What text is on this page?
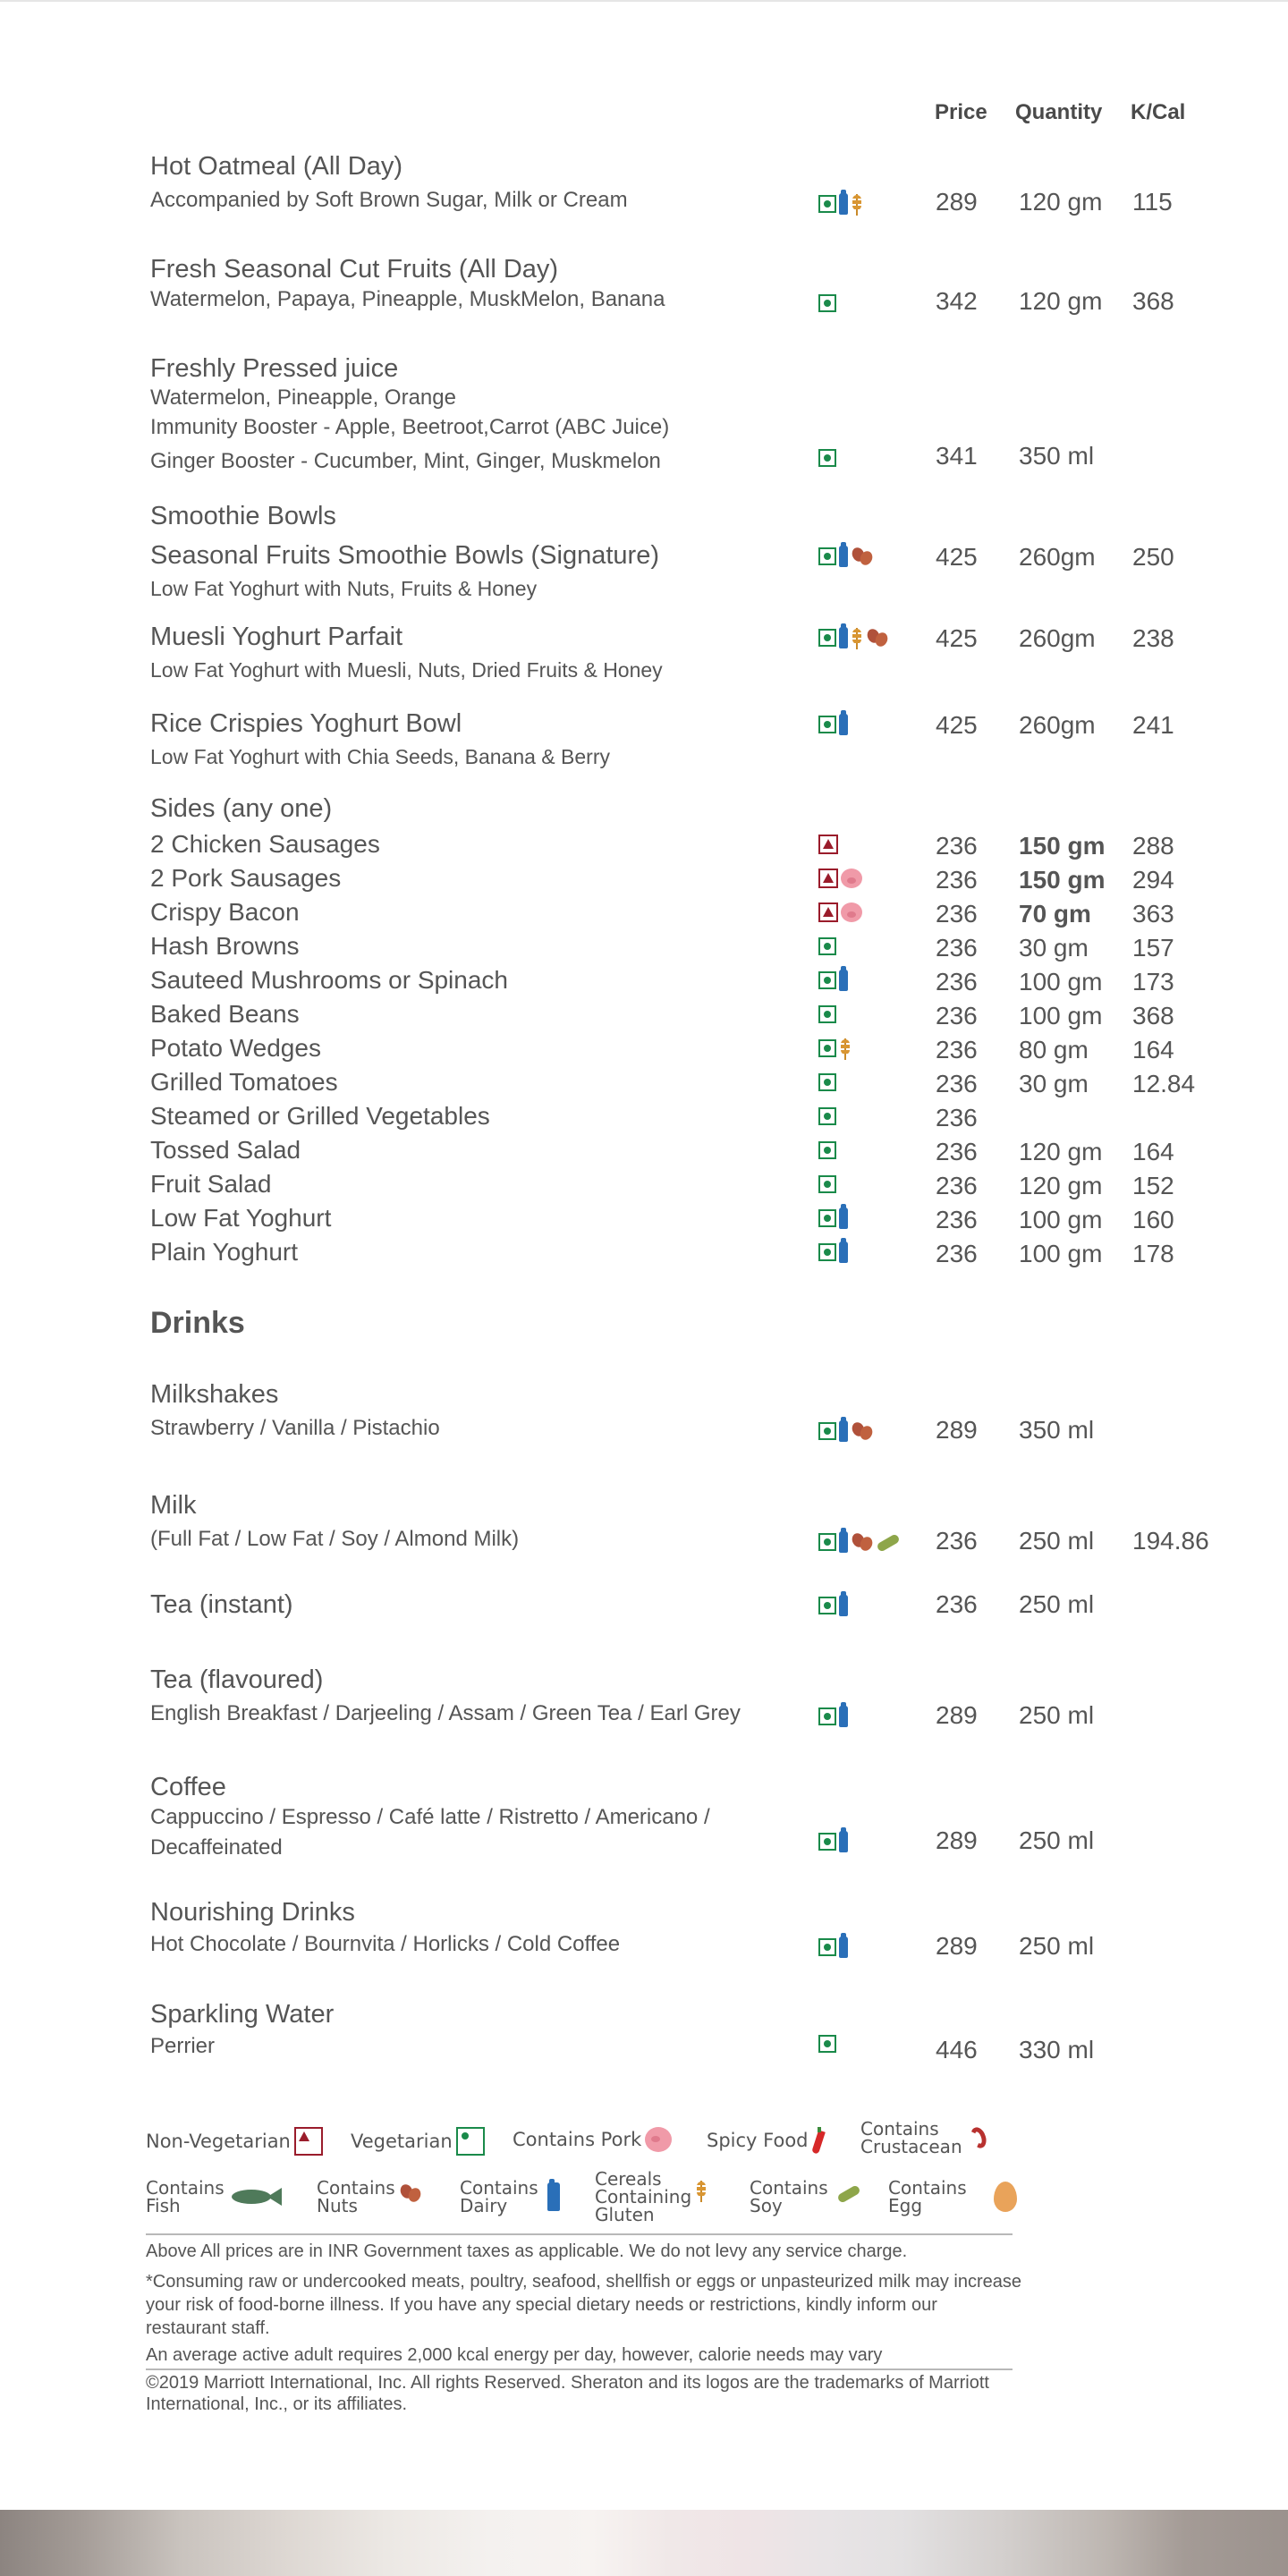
Price Quantity K/Cal
Hot Oatmeal (All Day)
Accompanied by Soft Brown Sugar, Milk or Cream	289 120 gm 115
Fresh Seasonal Cut Fruits (All Day)
Watermelon, Papaya, Pineapple, MuskMelon, Banana	342 120 gm 368
Freshly Pressed juice
Watermelon, Pineapple, Orange
Immunity Booster - Apple, Beetroot,Carrot (ABC Juice)
Ginger Booster - Cucumber, Mint, Ginger, Muskmelon	341 350 ml
Smoothie Bowls
Seasonal Fruits Smoothie Bowls (Signature)
Low Fat Yoghurt with Nuts, Fruits & Honey
425 260gm 250
Muesli Yoghurt Parfait
Low Fat Yoghurt with Muesli, Nuts, Dried Fruits & Honey
425 260gm 238
Rice Crispies Yoghurt Bowl
Low Fat Yoghurt with Chia Seeds, Banana & Berry
425 260gm 241
Sides (any one)
2 Chicken Sausages	236 150 gm 288
2 Pork Sausages	236 150 gm 294
Crispy Bacon	236 70 gm 363
Hash Browns	236 30 gm 157
Sauteed Mushrooms or Spinach	236 100 gm 173
Baked Beans	236 100 gm 368
Potato Wedges	236 80 gm 164
Grilled Tomatoes	236 30 gm 12.84
Steamed or Grilled Vegetables	236
Tossed Salad	236 120 gm 164
Fruit Salad	236 120 gm 152
Low Fat Yoghurt	236 100 gm 160
Plain Yoghurt	236 100 gm 178
Drinks
Milkshakes
Strawberry / Vanilla / Pistachio	289 350 ml
Milk
(Full Fat / Low Fat / Soy / Almond Milk)	236 250 ml 194.86
Tea (instant)	236 250 ml
Tea (flavoured)
English Breakfast / Darjeeling / Assam / Green Tea / Earl Grey	289 250 ml
Coffee
Cappuccino / Espresso / Café latte / Ristretto / Americano /
Decaffeinated	289 250 ml
Nourishing Drinks
Hot Chocolate / Bournvita / Horlicks / Cold Coffee	289 250 ml
Sparkling Water
Perrier	446 330 ml
Non-Vegetarian	Vegetarian	Contains Pork	Spicy Food
Contains
Crustacean
Contains
Fish
Contains
Nuts
Contains
Dairy
Cereals
Containing
Gluten
Contains
Soy
Contains
Egg
Above All prices are in INR Government taxes as applicable. We do not levy any service charge.
*Consuming raw or undercooked meats, poultry, seafood, shellfish or eggs or unpasteurized milk may increase your risk of food-borne illness. If you have any special dietary needs or restrictions, kindly inform our restaurant staff.
An average active adult requires 2,000 kcal energy per day, however, calorie needs may vary
©2019 Marriott International, Inc. All rights Reserved. Sheraton and its logos are the trademarks of Marriott International, Inc., or its affiliates.
